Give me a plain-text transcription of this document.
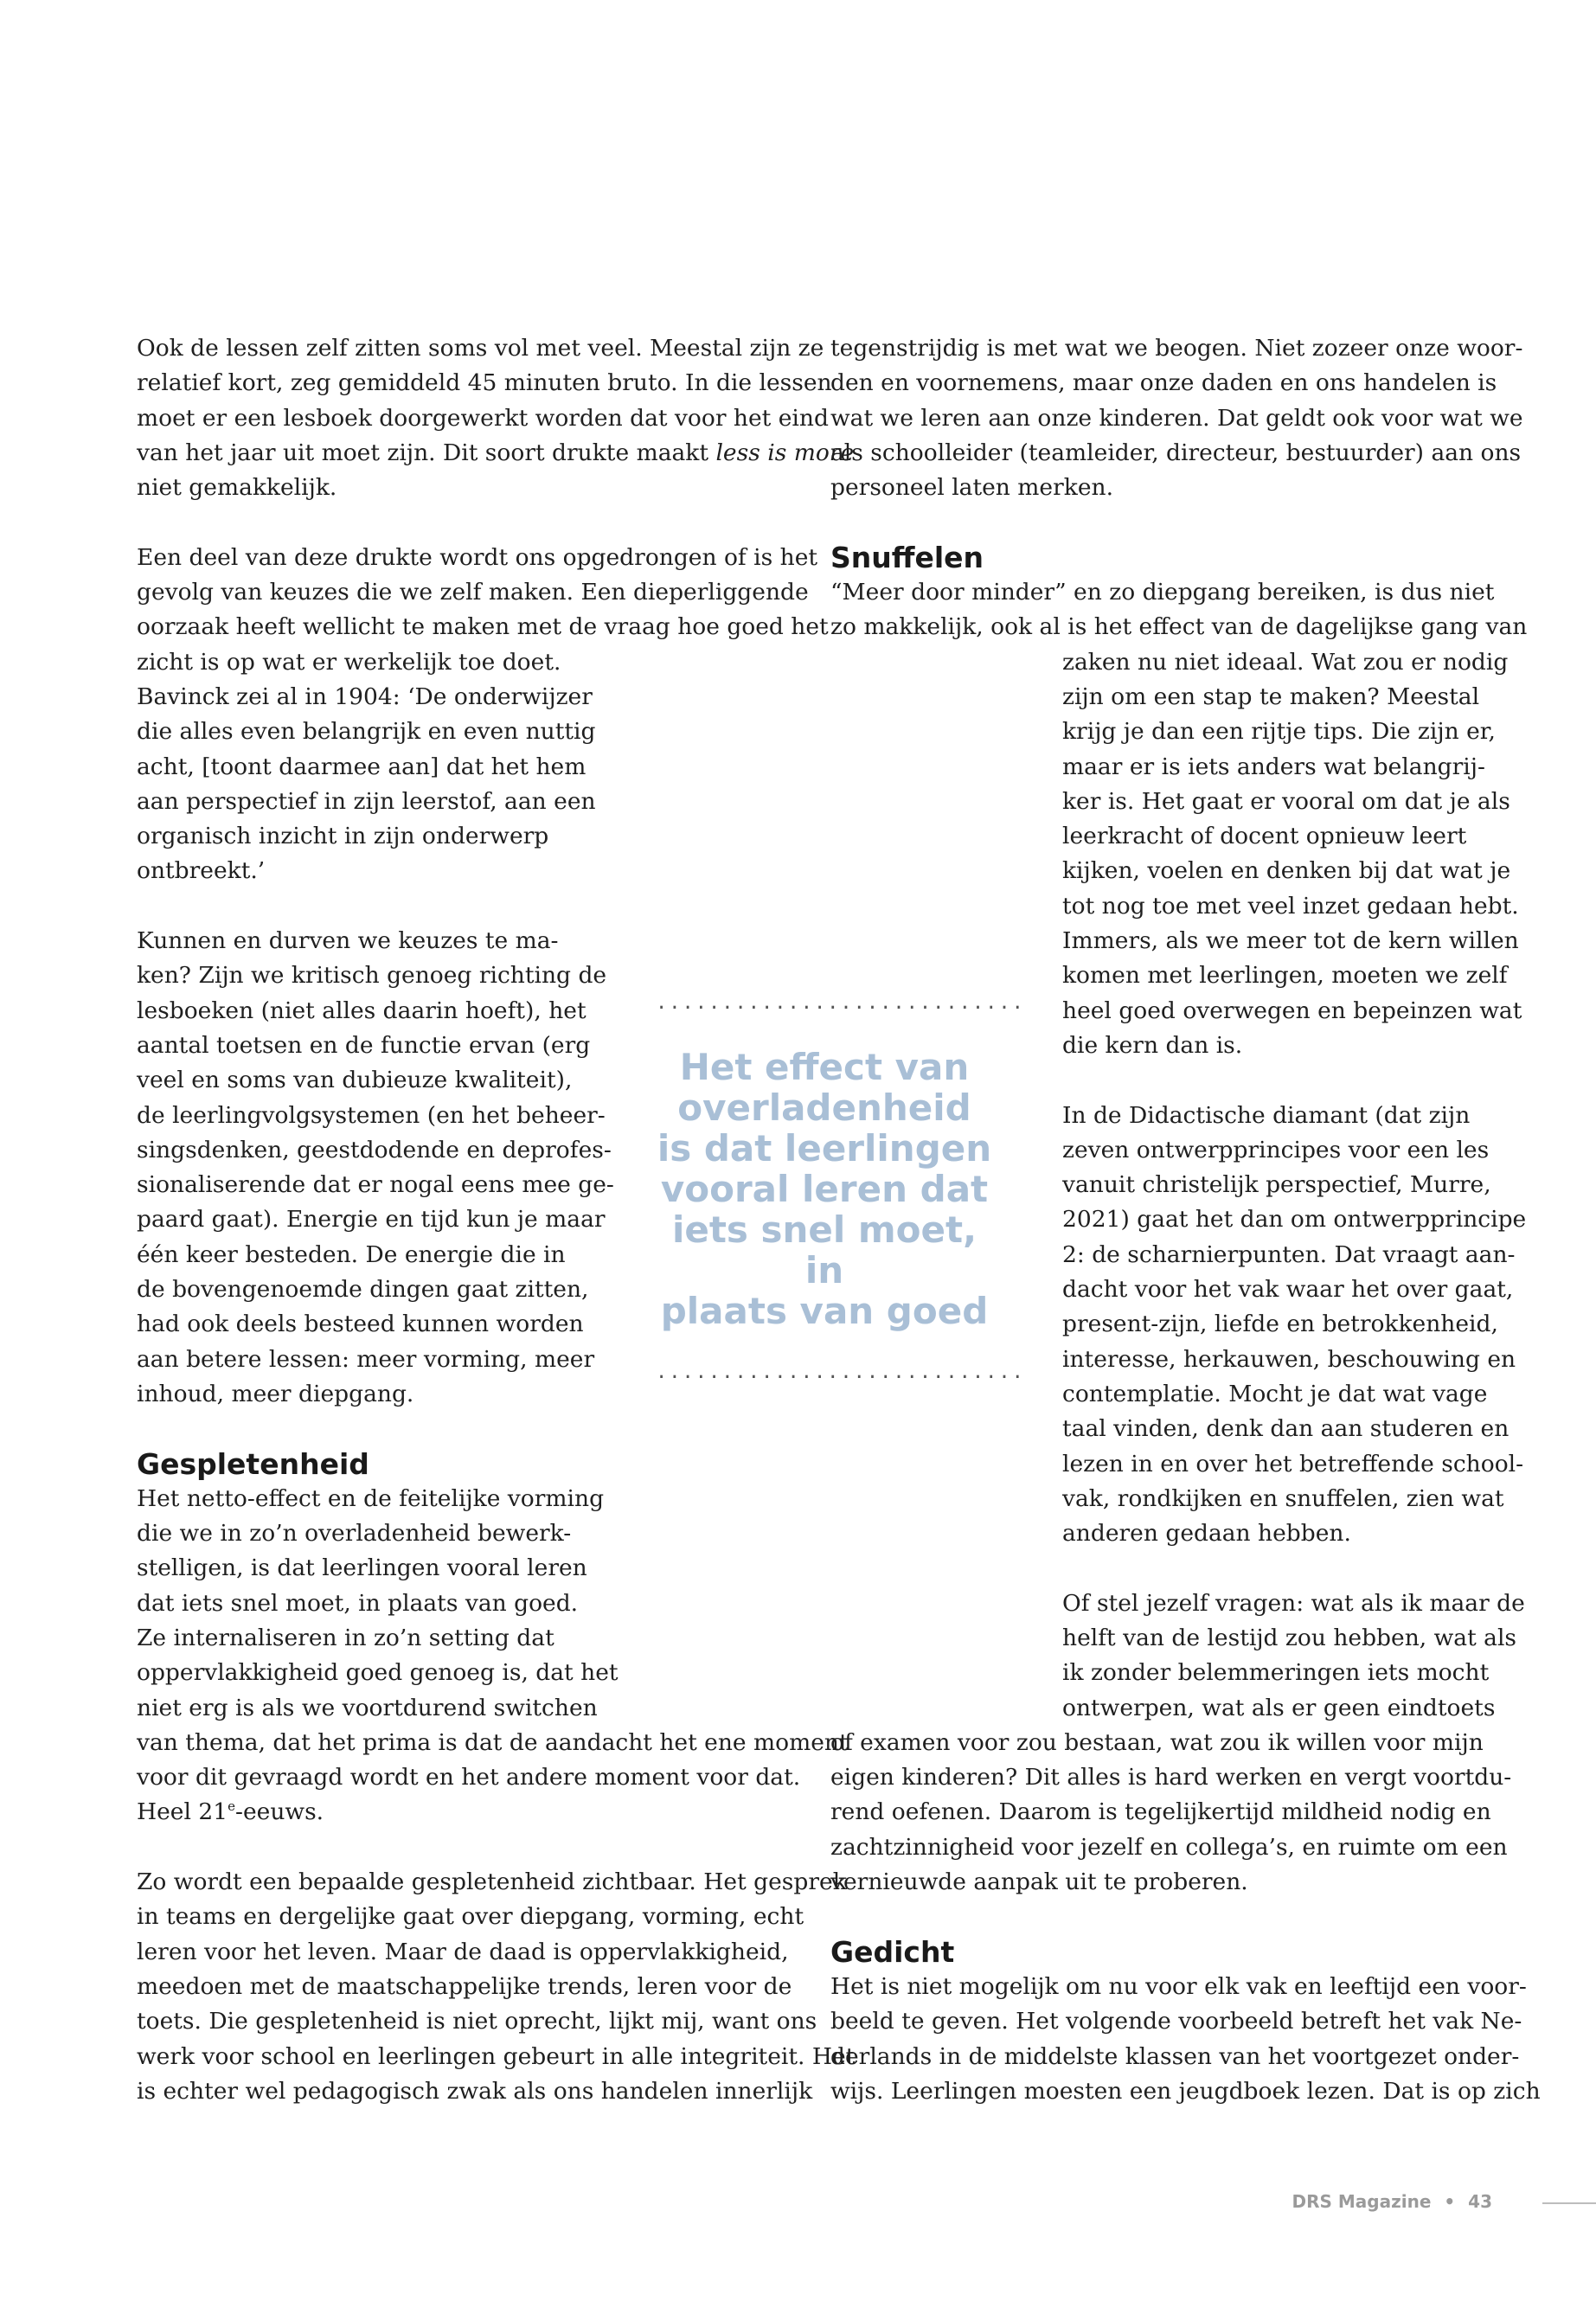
Ook de lessen zelf zitten soms vol met veel. Meestal zijn ze
relatief kort, zeg gemiddeld 45 minuten bruto. In die lessen
moet er een lesboek doorgewerkt worden dat voor het eind
van het jaar uit moet zijn. Dit soort drukte maakt less is more
niet gemakkelijk.

Een deel van deze drukte wordt ons opgedrongen of is het
gevolg van keuzes die we zelf maken. Een dieperliggende
oorzaak heeft wellicht te maken met de vraag hoe goed het
zicht is op wat er werkelijk toe doet.
Bavinck zei al in 1904: ‘De onderwijzer
die alles even belangrijk en even nuttig
acht, [toont daarmee aan] dat het hem
aan perspectief in zijn leerstof, aan een
organisch inzicht in zijn onderwerp
ontbreekt.’

Kunnen en durven we keuzes te ma-
ken? Zijn we kritisch genoeg richting de
lesboeken (niet alles daarin hoeft), het
aantal toetsen en de functie ervan (erg
veel en soms van dubieuze kwaliteit),
de leerlingvolgsystemen (en het beheer-
singsdenken, geestdodende en deprofes-
sionaliserende dat er nogal eens mee ge-
paard gaat). Energie en tijd kun je maar
één keer besteden. De energie die in
de bovengenoemde dingen gaat zitten,
had ook deels besteed kunnen worden
aan betere lessen: meer vorming, meer
inhoud, meer diepgang.

Gespletenheid

Het netto-effect en de feitelijke vorming
die we in zo’n overladenheid bewerk-
stelligen, is dat leerlingen vooral leren
dat iets snel moet, in plaats van goed.
Ze internaliseren in zo’n setting dat
oppervlakkigheid goed genoeg is, dat het
niet erg is als we voortdurend switchen
van thema, dat het prima is dat de aandacht het ene moment
voor dit gevraagd wordt en het andere moment voor dat.
Heel 21e-eeuws.

Zo wordt een bepaalde gespletenheid zichtbaar. Het gesprek
in teams en dergelijke gaat over diepgang, vorming, echt
leren voor het leven. Maar de daad is oppervlakkigheid,
meedoen met de maatschappelijke trends, leren voor de
toets. Die gespletenheid is niet oprecht, lijkt mij, want ons
werk voor school en leerlingen gebeurt in alle integriteit. Het
is echter wel pedagogisch zwak als ons handelen innerlijk

tegenstrijdig is met wat we beogen. Niet zozeer onze woor-
den en voornemens, maar onze daden en ons handelen is
wat we leren aan onze kinderen. Dat geldt ook voor wat we
als schoolleider (teamleider, directeur, bestuurder) aan ons
personeel laten merken.

Snuffelen

“Meer door minder” en zo diepgang bereiken, is dus niet
zo makkelijk, ook al is het effect van de dagelijkse gang van
zaken nu niet ideaal. Wat zou er nodig
zijn om een stap te maken? Meestal
krijg je dan een rijtje tips. Die zijn er,
maar er is iets anders wat belangrij-
ker is. Het gaat er vooral om dat je als
leerkracht of docent opnieuw leert
kijken, voelen en denken bij dat wat je
tot nog toe met veel inzet gedaan hebt.
Immers, als we meer tot de kern willen
komen met leerlingen, moeten we zelf
heel goed overwegen en bepeinzen wat
die kern dan is.

In de Didactische diamant (dat zijn
zeven ontwerpprincipes voor een les
vanuit christelijk perspectief, Murre,
2021) gaat het dan om ontwerpprincipe
2: de scharnierpunten. Dat vraagt aan-
dacht voor het vak waar het over gaat,
present-zijn, liefde en betrokkenheid,
interesse, herkauwen, beschouwing en
contemplatie. Mocht je dat wat vage
taal vinden, denk dan aan studeren en
lezen in en over het betreffende school-
vak, rondkijken en snuffelen, zien wat
anderen gedaan hebben.

Of stel jezelf vragen: wat als ik maar de
helft van de lestijd zou hebben, wat als
ik zonder belemmeringen iets mocht
ontwerpen, wat als er geen eindtoets
of examen voor zou bestaan, wat zou ik willen voor mijn
eigen kinderen? Dit alles is hard werken en vergt voortdu-
rend oefenen. Daarom is tegelijkertijd mildheid nodig en
zachtzinnigheid voor jezelf en collega’s, en ruimte om een
vernieuwde aanpak uit te proberen.

Gedicht

Het is niet mogelijk om nu voor elk vak en leeftijd een voor-
beeld te geven. Het volgende voorbeeld betreft het vak Ne-
derlands in de middelste klassen van het voortgezet onder-
wijs. Leerlingen moesten een jeugdboek lezen. Dat is op zich

............................
Het effect van
overladenheid
is dat leerlingen
vooral leren dat
iets snel moet, in
plaats van goed
............................
DRS Magazine • 43
